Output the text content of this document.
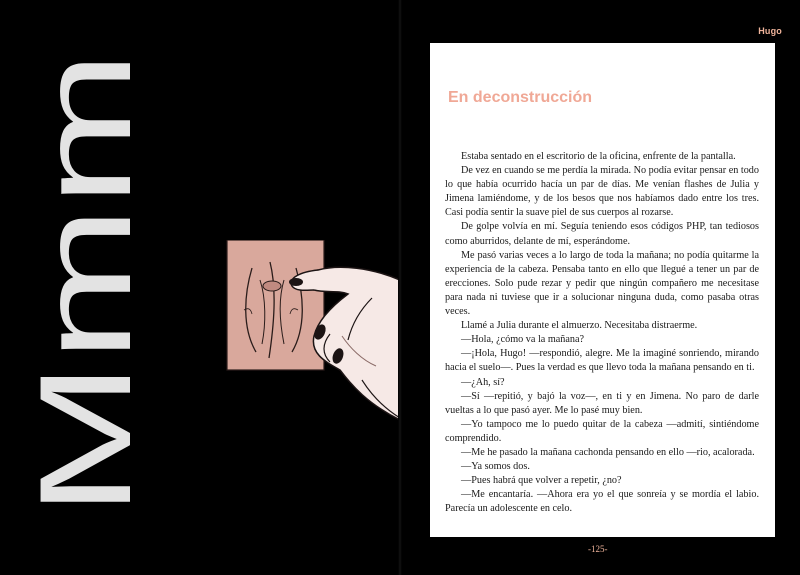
Mmm
Hugo
En deconstrucción

Estaba sentado en el escritorio de la oficina, enfrente de la pantalla.

De vez en cuando se me perdía la mirada. No podía evitar pensar en todo lo que había ocurrido hacía un par de días. Me venían flashes de Julia y Jimena lamiéndome, y de los besos que nos habíamos dado entre los tres. Casi podía sentir la suave piel de sus cuerpos al rozarse.

De golpe volvía en mí. Seguía teniendo esos códigos PHP, tan tediosos como aburridos, delante de mí, esperándome.

Me pasó varias veces a lo largo de toda la mañana; no podía quitarme la experiencia de la cabeza. Pensaba tanto en ello que llegué a tener un par de erecciones. Solo pude rezar y pedir que ningún compañero me necesitase para nada ni tuviese que ir a solucionar ninguna duda, como pasaba otras veces.

Llamé a Julia durante el almuerzo. Necesitaba distraerme.

—Hola, ¿cómo va la mañana?

—¡Hola, Hugo! —respondió, alegre. Me la imaginé sonriendo, mirando hacia el suelo—. Pues la verdad es que llevo toda la mañana pensando en ti.

—¿Ah, sí?

—Sí —repitió, y bajó la voz—, en ti y en Jimena. No paro de darle vueltas a lo que pasó ayer. Me lo pasé muy bien.

—Yo tampoco me lo puedo quitar de la cabeza —admití, sintiéndome comprendido.

—Me he pasado la mañana cachonda pensando en ello —rio, acalorada.

—Ya somos dos.

—Pues habrá que volver a repetir, ¿no?

—Me encantaría. —Ahora era yo el que sonreía y se mordía el labio. Parecía un adolescente en celo.

-125-
